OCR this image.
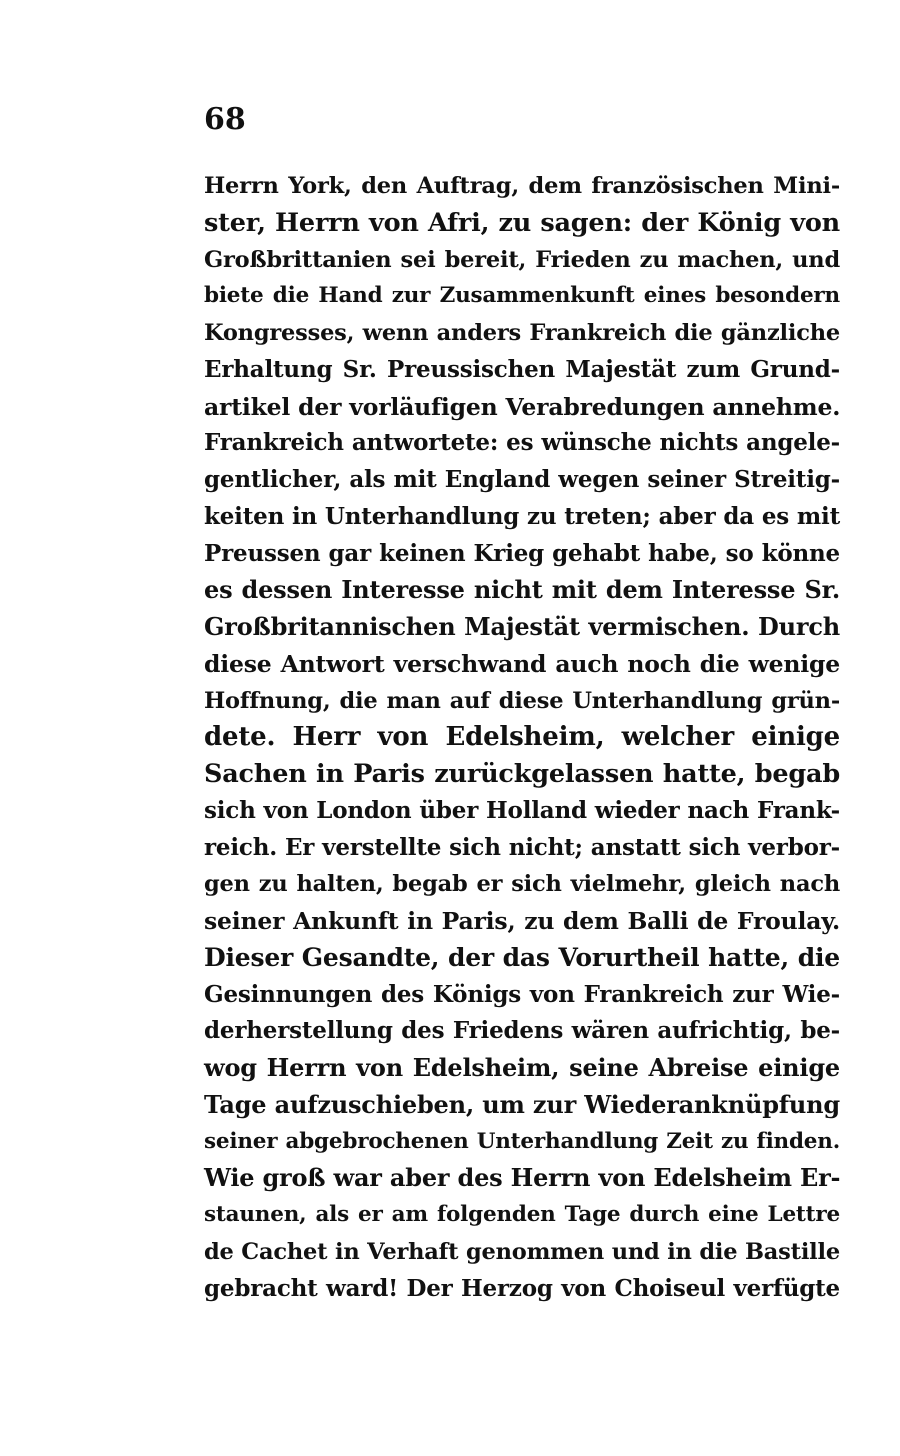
68
Herrn York, den Auftrag, dem französischen Mini-
ster, Herrn von Afri, zu sagen: der König von
Großbrittanien sei bereit, Frieden zu machen, und
biete die Hand zur Zusammenkunft eines besondern
Kongresses, wenn anders Frankreich die gänzliche
Erhaltung Sr. Preussischen Majestät zum Grund-
artikel der vorläufigen Verabredungen annehme.
Frankreich antwortete: es wünsche nichts angele-
gentlicher, als mit England wegen seiner Streitig-
keiten in Unterhandlung zu treten; aber da es mit
Preussen gar keinen Krieg gehabt habe, so könne
es dessen Interesse nicht mit dem Interesse Sr.
Großbritannischen Majestät vermischen. Durch
diese Antwort verschwand auch noch die wenige
Hoffnung, die man auf diese Unterhandlung grün-
dete. Herr von Edelsheim, welcher einige
Sachen in Paris zurückgelassen hatte, begab
sich von London über Holland wieder nach Frank-
reich. Er verstellte sich nicht; anstatt sich verbor-
gen zu halten, begab er sich vielmehr, gleich nach
seiner Ankunft in Paris, zu dem Balli de Froulay.
Dieser Gesandte, der das Vorurtheil hatte, die
Gesinnungen des Königs von Frankreich zur Wie-
derherstellung des Friedens wären aufrichtig, be-
wog Herrn von Edelsheim, seine Abreise einige
Tage aufzuschieben, um zur Wiederanknüpfung
seiner abgebrochenen Unterhandlung Zeit zu finden.
Wie groß war aber des Herrn von Edelsheim Er-
staunen, als er am folgenden Tage durch eine Lettre
de Cachet in Verhaft genommen und in die Bastille
gebracht ward! Der Herzog von Choiseul verfügte
